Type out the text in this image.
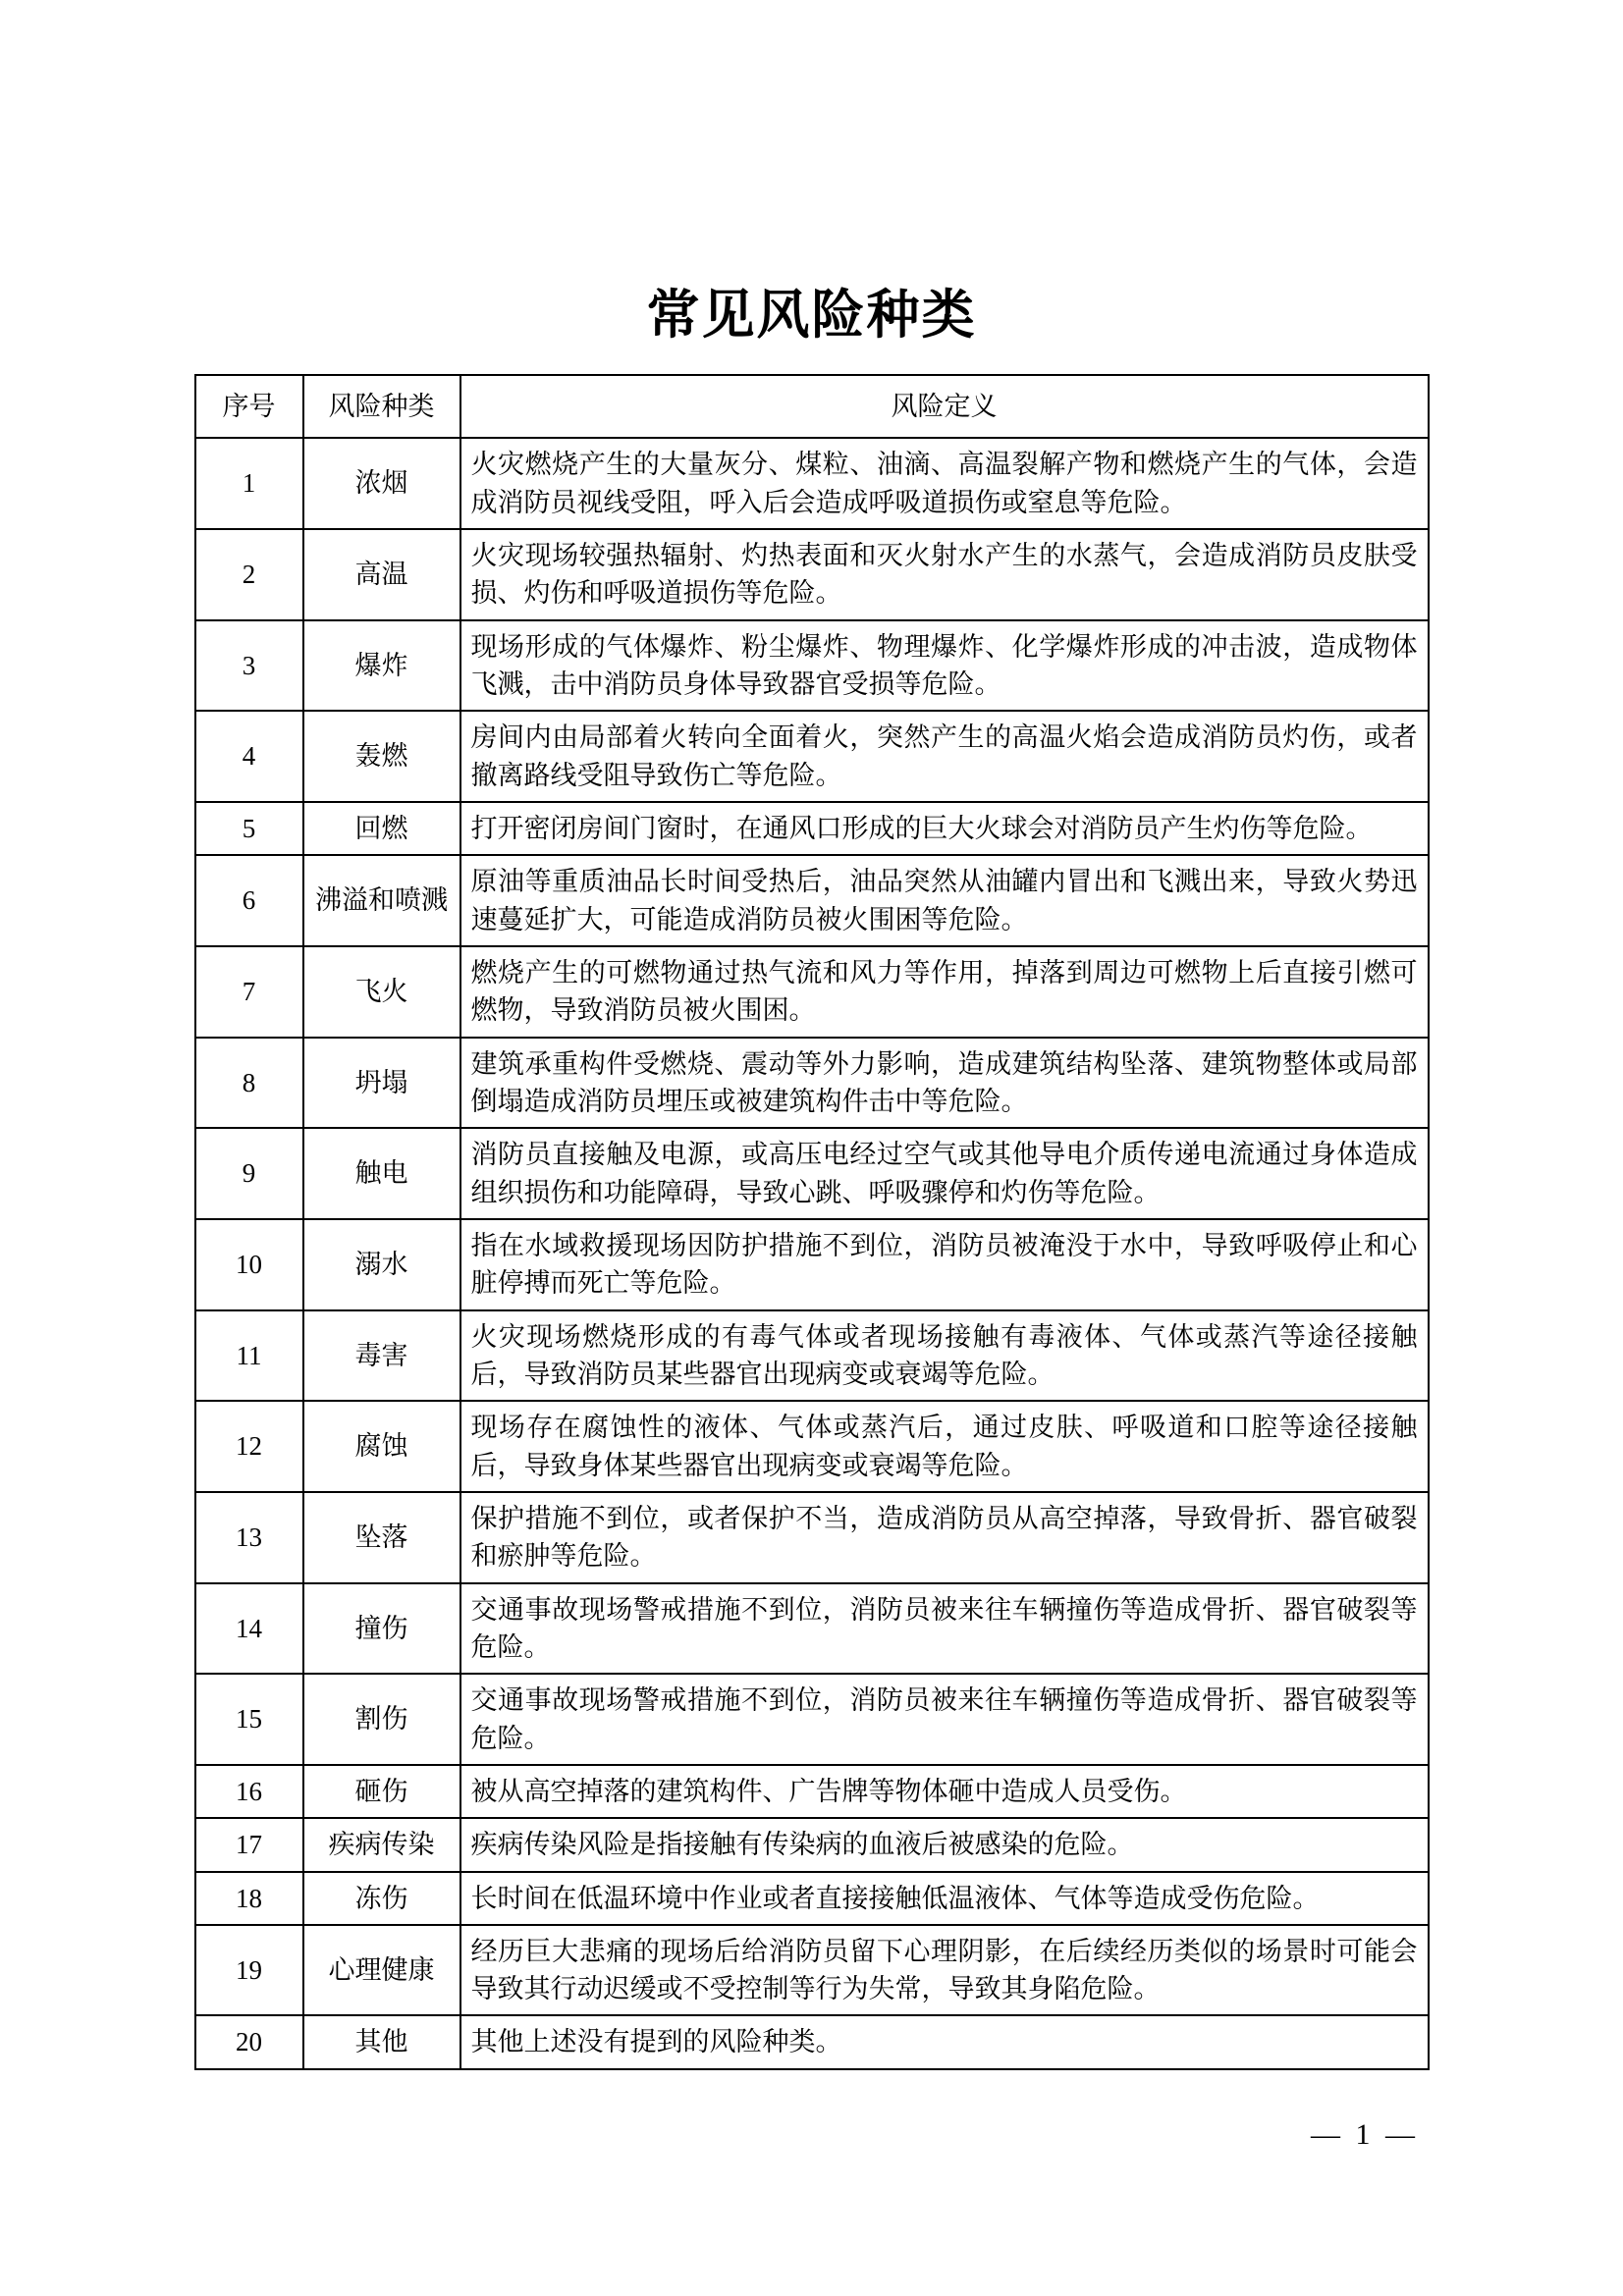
常见风险种类
序号	风险种类	风险定义
1	浓烟	火灾燃烧产生的大量灰分、煤粒、油滴、高温裂解产物和燃烧产生的气体，会造成消防员视线受阻，呼入后会造成呼吸道损伤或窒息等危险。
2	高温	火灾现场较强热辐射、灼热表面和灭火射水产生的水蒸气，会造成消防员皮肤受损、灼伤和呼吸道损伤等危险。
3	爆炸	现场形成的气体爆炸、粉尘爆炸、物理爆炸、化学爆炸形成的冲击波，造成物体飞溅，击中消防员身体导致器官受损等危险。
4	轰燃	房间内由局部着火转向全面着火，突然产生的高温火焰会造成消防员灼伤，或者撤离路线受阻导致伤亡等危险。
5	回燃	打开密闭房间门窗时，在通风口形成的巨大火球会对消防员产生灼伤等危险。
6	沸溢和喷溅	原油等重质油品长时间受热后，油品突然从油罐内冒出和飞溅出来，导致火势迅速蔓延扩大，可能造成消防员被火围困等危险。
7	飞火	燃烧产生的可燃物通过热气流和风力等作用，掉落到周边可燃物上后直接引燃可燃物，导致消防员被火围困。
8	坍塌	建筑承重构件受燃烧、震动等外力影响，造成建筑结构坠落、建筑物整体或局部倒塌造成消防员埋压或被建筑构件击中等危险。
9	触电	消防员直接触及电源，或高压电经过空气或其他导电介质传递电流通过身体造成组织损伤和功能障碍，导致心跳、呼吸骤停和灼伤等危险。
10	溺水	指在水域救援现场因防护措施不到位，消防员被淹没于水中，导致呼吸停止和心脏停搏而死亡等危险。
11	毒害	火灾现场燃烧形成的有毒气体或者现场接触有毒液体、气体或蒸汽等途径接触后，导致消防员某些器官出现病变或衰竭等危险。
12	腐蚀	现场存在腐蚀性的液体、气体或蒸汽后，通过皮肤、呼吸道和口腔等途径接触后，导致身体某些器官出现病变或衰竭等危险。
13	坠落	保护措施不到位，或者保护不当，造成消防员从高空掉落，导致骨折、器官破裂和瘀肿等危险。
14	撞伤	交通事故现场警戒措施不到位，消防员被来往车辆撞伤等造成骨折、器官破裂等危险。
15	割伤	交通事故现场警戒措施不到位，消防员被来往车辆撞伤等造成骨折、器官破裂等危险。
16	砸伤	被从高空掉落的建筑构件、广告牌等物体砸中造成人员受伤。
17	疾病传染	疾病传染风险是指接触有传染病的血液后被感染的危险。
18	冻伤	长时间在低温环境中作业或者直接接触低温液体、气体等造成受伤危险。
19	心理健康	经历巨大悲痛的现场后给消防员留下心理阴影，在后续经历类似的场景时可能会导致其行动迟缓或不受控制等行为失常，导致其身陷危险。
20	其他	其他上述没有提到的风险种类。
— 1 —
